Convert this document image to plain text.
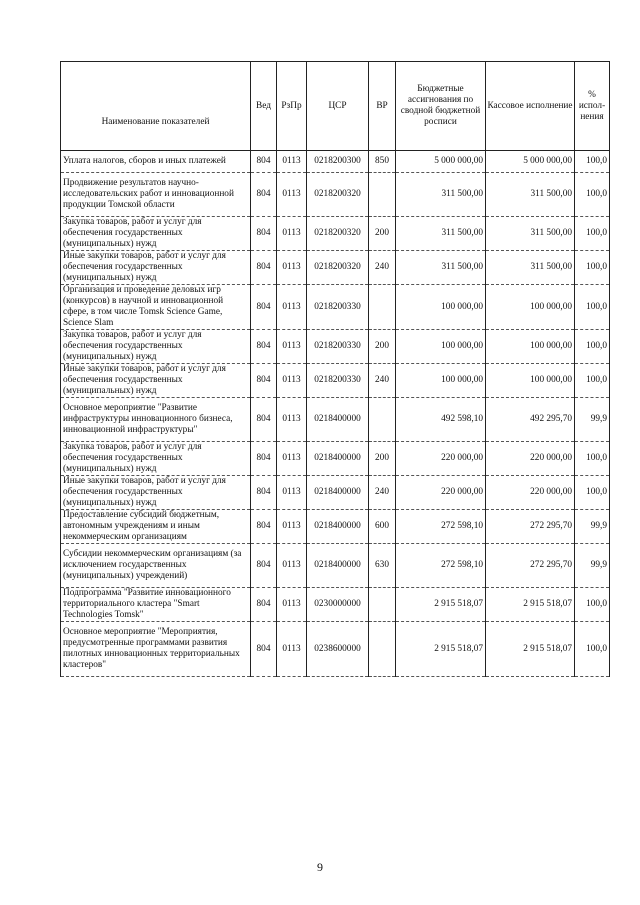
Наименование показателей	Вед	РзПр	ЦСР	ВР	Бюджетные ассигнования по сводной бюджетной росписи	Кассовое исполнение	% испол-нения
Уплата налогов, сборов и иных платежей	804	0113	0218200300	850	5 000 000,00	5 000 000,00	100,0
Продвижение результатов научно-исследовательских работ и инновационной продукции Томской области	804	0113	0218200320		311 500,00	311 500,00	100,0
Закупка товаров, работ и услуг для обеспечения государственных (муниципальных) нужд	804	0113	0218200320	200	311 500,00	311 500,00	100,0
Иные закупки товаров, работ и услуг для обеспечения государственных (муниципальных) нужд	804	0113	0218200320	240	311 500,00	311 500,00	100,0
Организация и проведение деловых игр (конкурсов) в научной и инновационной сфере, в том числе Tomsk Science Game, Science Slam	804	0113	0218200330		100 000,00	100 000,00	100,0
Закупка товаров, работ и услуг для обеспечения государственных (муниципальных) нужд	804	0113	0218200330	200	100 000,00	100 000,00	100,0
Иные закупки товаров, работ и услуг для обеспечения государственных (муниципальных) нужд	804	0113	0218200330	240	100 000,00	100 000,00	100,0
Основное мероприятие "Развитие инфраструктуры инновационного бизнеса, инновационной инфраструктуры"	804	0113	0218400000		492 598,10	492 295,70	99,9
Закупка товаров, работ и услуг для обеспечения государственных (муниципальных) нужд	804	0113	0218400000	200	220 000,00	220 000,00	100,0
Иные закупки товаров, работ и услуг для обеспечения государственных (муниципальных) нужд	804	0113	0218400000	240	220 000,00	220 000,00	100,0
Предоставление субсидий бюджетным, автономным учреждениям и иным некоммерческим организациям	804	0113	0218400000	600	272 598,10	272 295,70	99,9
Субсидии некоммерческим организациям (за исключением государственных (муниципальных) учреждений)	804	0113	0218400000	630	272 598,10	272 295,70	99,9
Подпрограмма "Развитие инновационного территориального кластера "Smart Technologies Tomsk"	804	0113	0230000000		2 915 518,07	2 915 518,07	100,0
Основное мероприятие "Мероприятия, предусмотренные программами развития пилотных инновационных территориальных кластеров"	804	0113	0238600000		2 915 518,07	2 915 518,07	100,0
9
